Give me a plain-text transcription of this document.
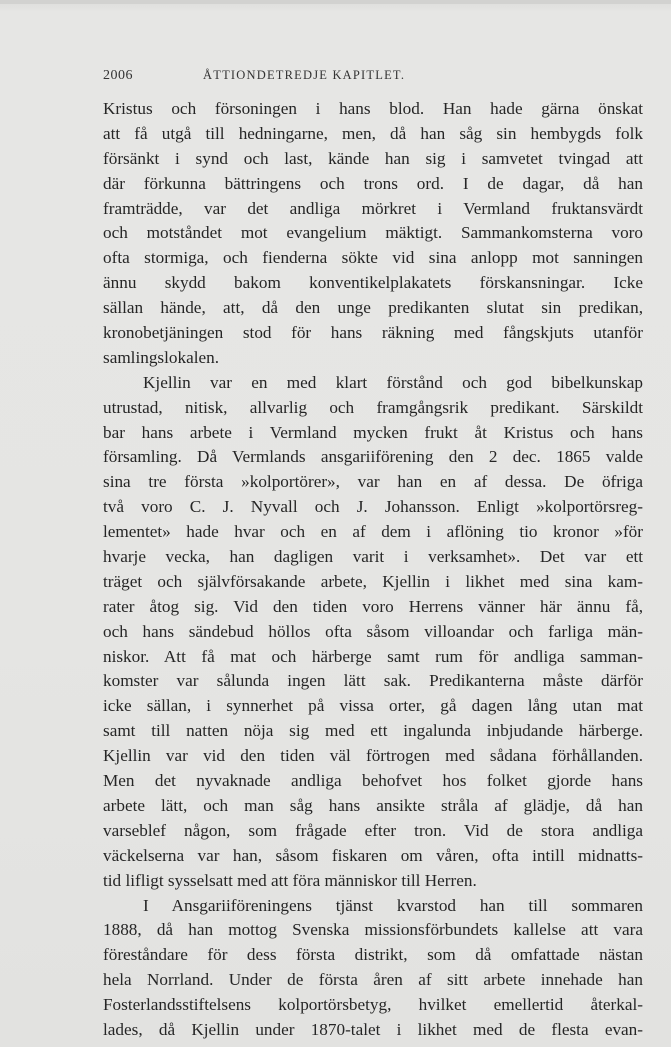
2006	ÅTTIONDETREDJE KAPITLET.
Kristus och försoningen i hans blod. Han hade gärna önskat
att få utgå till hedningarne, men, då han såg sin hembygds folk
försänkt i synd och last, kände han sig i samvetet tvingad att
där förkunna bättringens och trons ord. I de dagar, då han
framträdde, var det andliga mörkret i Vermland fruktansvärdt
och motståndet mot evangelium mäktigt. Sammankomsterna voro
ofta stormiga, och fienderna sökte vid sina anlopp mot sanningen
ännu skydd bakom konventikelplakatets förskansningar. Icke
sällan hände, att, då den unge predikanten slutat sin predikan,
kronobetjäningen stod för hans räkning med fångskjuts utanför
samlingslokalen.
Kjellin var en med klart förstånd och god bibelkunskap
utrustad, nitisk, allvarlig och framgångsrik predikant. Särskildt
bar hans arbete i Vermland mycken frukt åt Kristus och hans
församling. Då Vermlands ansgariiförening den 2 dec. 1865 valde
sina tre första »kolportörer», var han en af dessa. De öfriga
två voro C. J. Nyvall och J. Johansson. Enligt »kolportörsreg-
lementet» hade hvar och en af dem i aflöning tio kronor »för
hvarje vecka, han dagligen varit i verksamhet». Det var ett
träget och självförsakande arbete, Kjellin i likhet med sina kam-
rater åtog sig. Vid den tiden voro Herrens vänner här ännu få,
och hans sändebud höllos ofta såsom villoandar och farliga män-
niskor. Att få mat och härberge samt rum för andliga samman-
komster var sålunda ingen lätt sak. Predikanterna måste därför
icke sällan, i synnerhet på vissa orter, gå dagen lång utan mat
samt till natten nöja sig med ett ingalunda inbjudande härberge.
Kjellin var vid den tiden väl förtrogen med sådana förhållanden.
Men det nyvaknade andliga behofvet hos folket gjorde hans
arbete lätt, och man såg hans ansikte stråla af glädje, då han
varseblef någon, som frågade efter tron. Vid de stora andliga
väckelserna var han, såsom fiskaren om våren, ofta intill midnatts-
tid lifligt sysselsatt med att föra människor till Herren.
I Ansgariiföreningens tjänst kvarstod han till sommaren
1888, då han mottog Svenska missionsförbundets kallelse att vara
föreståndare för dess första distrikt, som då omfattade nästan
hela Norrland. Under de första åren af sitt arbete innehade han
Fosterlandsstiftelsens kolportörsbetyg, hvilket emellertid återkal-
lades, då Kjellin under 1870-talet i likhet med de flesta evan-
